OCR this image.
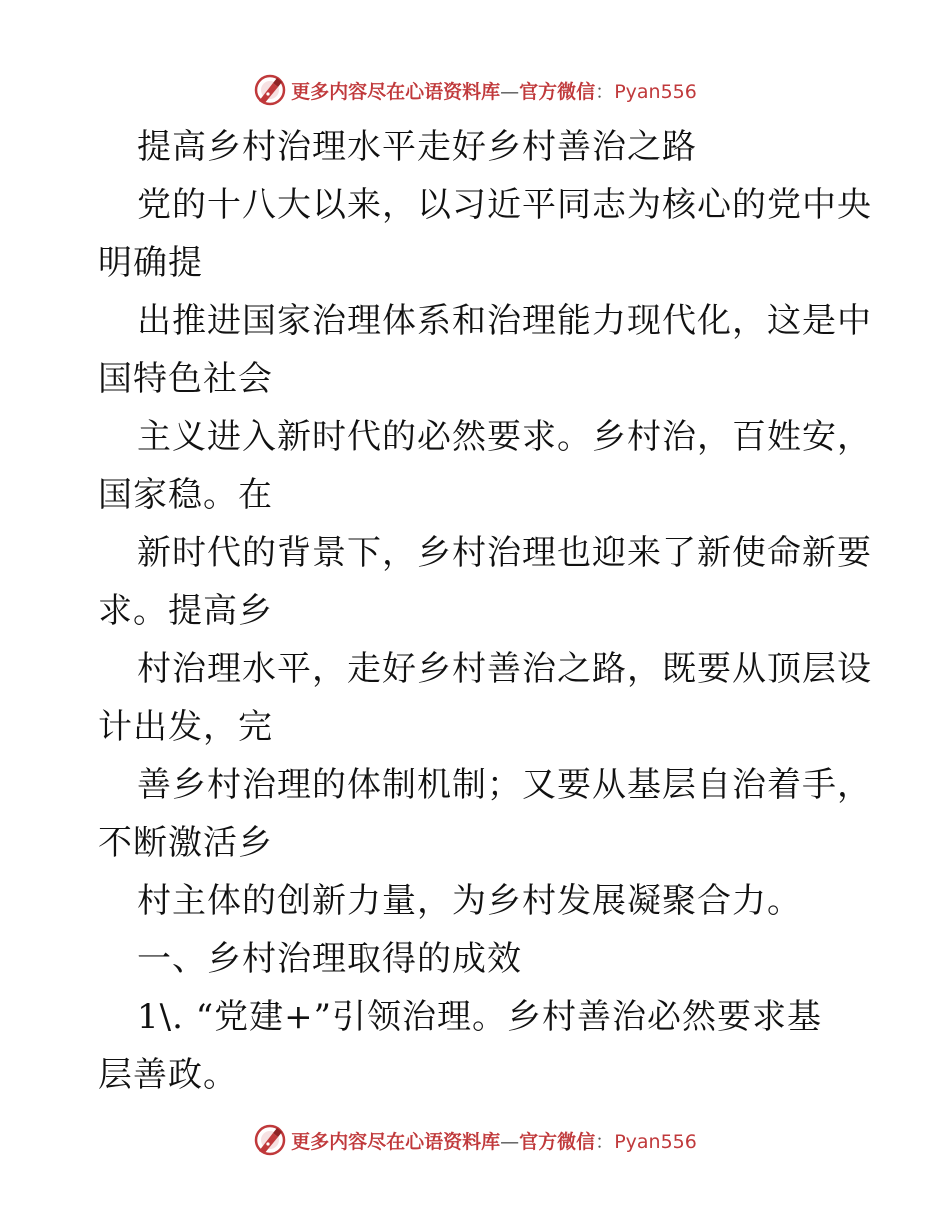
更多内容尽在心语资料库—官方微信：Pyan556
提高乡村治理水平走好乡村善治之路
党的十八大以来，以习近平同志为核心的党中央
明确提
出推进国家治理体系和治理能力现代化，这是中
国特色社会
主义进入新时代的必然要求。乡村治，百姓安，
国家稳。在
新时代的背景下，乡村治理也迎来了新使命新要
求。提高乡
村治理水平，走好乡村善治之路，既要从顶层设
计出发，完
善乡村治理的体制机制；又要从基层自治着手，
不断激活乡
村主体的创新力量，为乡村发展凝聚合力。
一、乡村治理取得的成效
1\. “党建+”引领治理。乡村善治必然要求基
层善政。
更多内容尽在心语资料库—官方微信：Pyan556
